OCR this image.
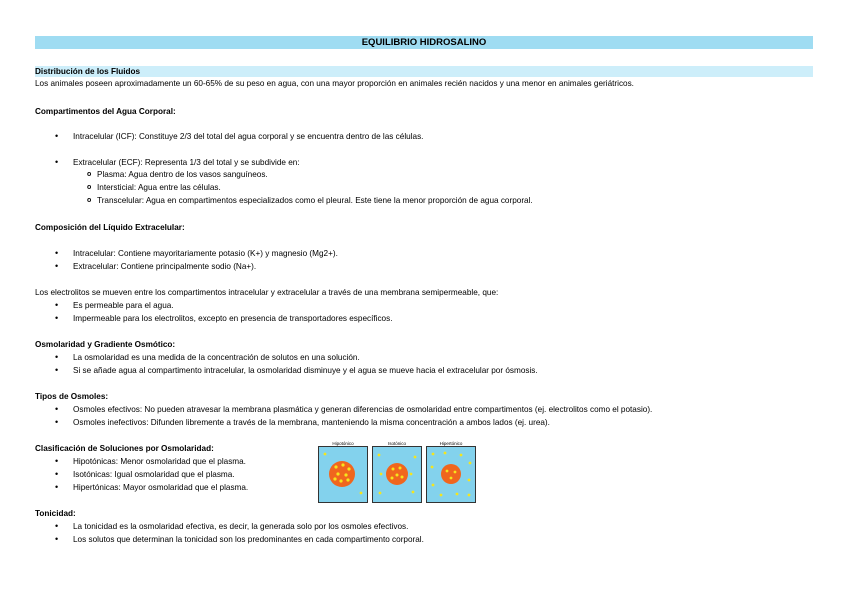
EQUILIBRIO HIDROSALINO
Distribución de los Fluidos
Los animales poseen aproximadamente un 60-65% de su peso en agua, con una mayor proporción en animales recién nacidos y una menor en animales geriátricos.
Compartimentos del Agua Corporal:
• Intracelular (ICF): Constituye 2/3 del total del agua corporal y se encuentra dentro de las células.
• Extracelular (ECF): Representa 1/3 del total y se subdivide en:
o Plasma: Agua dentro de los vasos sanguíneos.
o Intersticial: Agua entre las células.
o Transcelular: Agua en compartimentos especializados como el pleural. Este tiene la menor proporción de agua corporal.
Composición del Líquido Extracelular:
• Intracelular: Contiene mayoritariamente potasio (K+) y magnesio (Mg2+).
• Extracelular: Contiene principalmente sodio (Na+).
Los electrolitos se mueven entre los compartimentos intracelular y extracelular a través de una membrana semipermeable, que:
• Es permeable para el agua.
• Impermeable para los electrolitos, excepto en presencia de transportadores específicos.
Osmolaridad y Gradiente Osmótico:
• La osmolaridad es una medida de la concentración de solutos en una solución.
• Si se añade agua al compartimento intracelular, la osmolaridad disminuye y el agua se mueve hacia el extracelular por ósmosis.
Tipos de Osmoles:
• Osmoles efectivos: No pueden atravesar la membrana plasmática y generan diferencias de osmolaridad entre compartimentos (ej. electrolitos como el potasio).
• Osmoles inefectivos: Difunden libremente a través de la membrana, manteniendo la misma concentración a ambos lados (ej. urea).
Clasificación de Soluciones por Osmolaridad:
• Hipotónicas: Menor osmolaridad que el plasma.
• Isotónicas: Igual osmolaridad que el plasma.
• Hipertónicas: Mayor osmolaridad que el plasma.
Tonicidad:
• La tonicidad es la osmolaridad efectiva, es decir, la generada solo por los osmoles efectivos.
• Los solutos que determinan la tonicidad son los predominantes en cada compartimento corporal.
Hipotónico	Isotónico	Hipertónico
